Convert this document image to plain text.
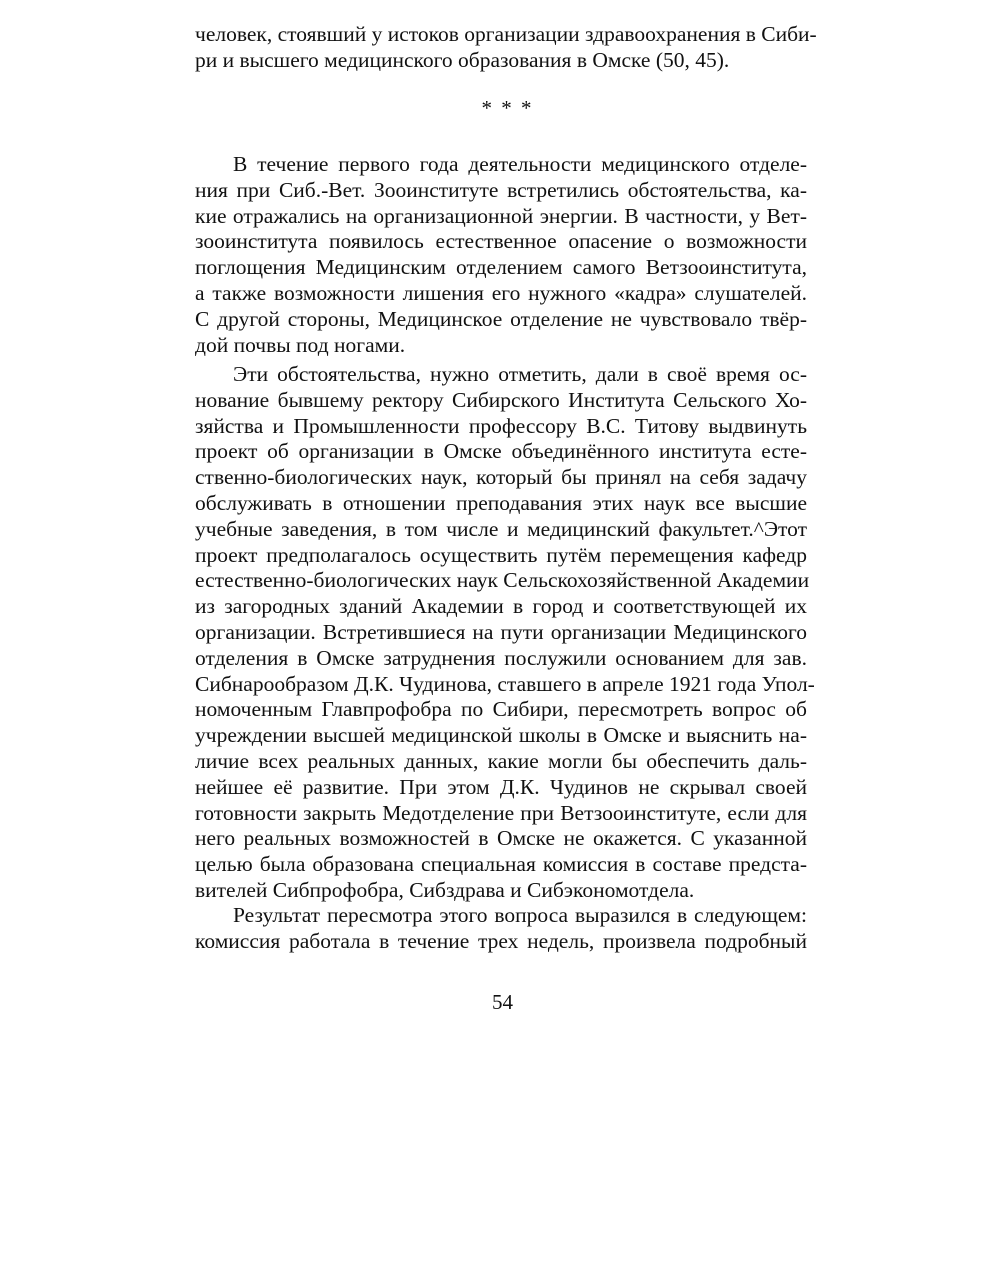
человек, стоявший у истоков организации здравоохранения в Сиби-
ри и высшего медицинского образования в Омске (50, 45).
* * *
В течение первого года деятельности медицинского отделе-
ния при Сиб.-Вет. Зооинституте встретились обстоятельства, ка-
кие отражались на организационной энергии. В частности, у Вет-
зооинститута появилось естественное опасение о возможности
поглощения Медицинским отделением самого Ветзооинститута,
а также возможности лишения его нужного «кадра» слушателей.
С другой стороны, Медицинское отделение не чувствовало твёр-
дой почвы под ногами.
Эти обстоятельства, нужно отметить, дали в своё время ос-
нование бывшему ректору Сибирского Института Сельского Хо-
зяйства и Промышленности профессору В.С. Титову выдвинуть
проект об организации в Омске объединённого института есте-
ственно-биологических наук, который бы принял на себя задачу
обслуживать в отношении преподавания этих наук все высшие
учебные заведения, в том числе и медицинский факультет.^Этот
проект предполагалось осуществить путём перемещения кафедр
естественно-биологических наук Сельскохозяйственной Академии
из загородных зданий Академии в город и соответствующей их
организации. Встретившиеся на пути организации Медицинского
отделения в Омске затруднения послужили основанием для зав.
Сибнарообразом Д.К. Чудинова, ставшего в апреле 1921 года Упол-
номоченным Главпрофобра по Сибири, пересмотреть вопрос об
учреждении высшей медицинской школы в Омске и выяснить на-
личие всех реальных данных, какие могли бы обеспечить даль-
нейшее её развитие. При этом Д.К. Чудинов не скрывал своей
готовности закрыть Медотделение при Ветзооинституте, если для
него реальных возможностей в Омске не окажется. С указанной
целью была образована специальная комиссия в составе предста-
вителей Сибпрофобра, Сибздрава и Сибэкономотдела.
Результат пересмотра этого вопроса выразился в следующем:
комиссия работала в течение трех недель, произвела подробный
54
